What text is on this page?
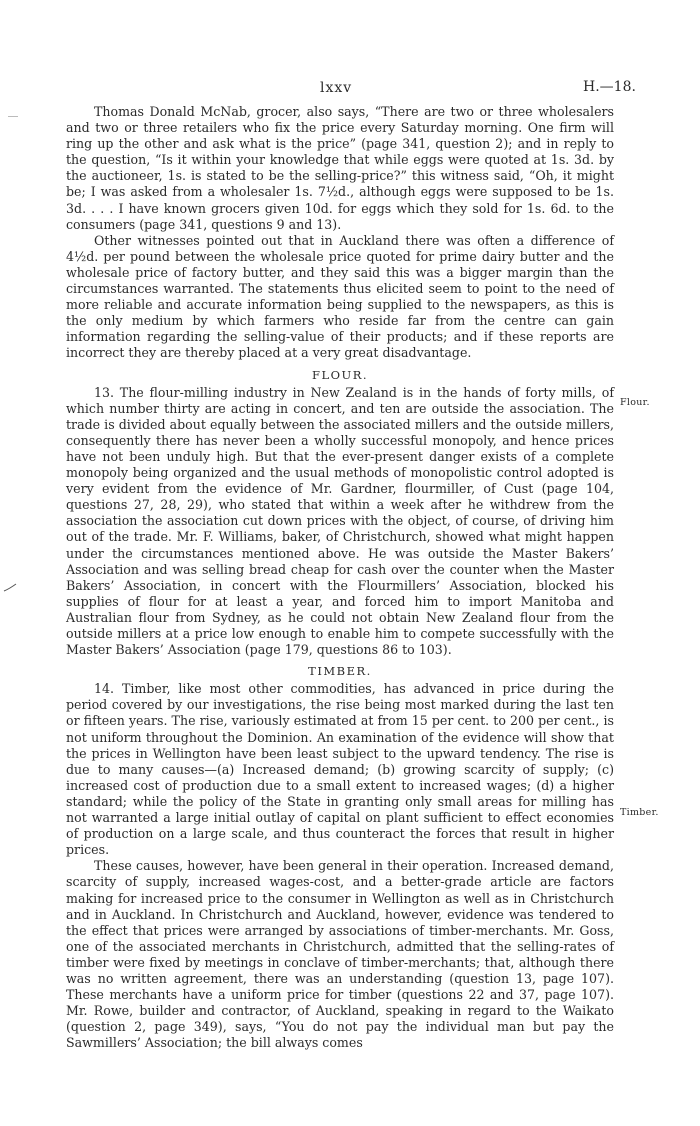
lxxv	H.—18.
Flour.
Timber.

Thomas Donald McNab, grocer, also says, “There are two or three wholesalers and two or three retailers who fix the price every Saturday morning. One firm will ring up the other and ask what is the price” (page 341, question 2); and in reply to the question, “Is it within your knowledge that while eggs were quoted at 1s. 3d. by the auctioneer, 1s. is stated to be the selling-price?” this witness said, “Oh, it might be; I was asked from a wholesaler 1s. 7½d., although eggs were supposed to be 1s. 3d. . . . I have known grocers given 10d. for eggs which they sold for 1s. 6d. to the consumers (page 341, questions 9 and 13).

Other witnesses pointed out that in Auckland there was often a difference of 4½d. per pound between the wholesale price quoted for prime dairy butter and the wholesale price of factory butter, and they said this was a bigger margin than the circumstances warranted. The statements thus elicited seem to point to the need of more reliable and accurate information being supplied to the newspapers, as this is the only medium by which farmers who reside far from the centre can gain information regarding the selling-value of their products; and if these reports are incorrect they are thereby placed at a very great disadvantage.

FLOUR.

13. The flour-milling industry in New Zealand is in the hands of forty mills, of which number thirty are acting in concert, and ten are outside the association. The trade is divided about equally between the associated millers and the outside millers, consequently there has never been a wholly successful monopoly, and hence prices have not been unduly high. But that the ever-present danger exists of a complete monopoly being organized and the usual methods of monopolistic control adopted is very evident from the evidence of Mr. Gardner, flourmiller, of Cust (page 104, questions 27, 28, 29), who stated that within a week after he withdrew from the association the association cut down prices with the object, of course, of driving him out of the trade. Mr. F. Williams, baker, of Christchurch, showed what might happen under the circumstances mentioned above. He was outside the Master Bakers’ Association and was selling bread cheap for cash over the counter when the Master Bakers’ Association, in concert with the Flourmillers’ Association, blocked his supplies of flour for at least a year, and forced him to import Manitoba and Australian flour from Sydney, as he could not obtain New Zealand flour from the outside millers at a price low enough to enable him to compete successfully with the Master Bakers’ Association (page 179, questions 86 to 103).

TIMBER.

14. Timber, like most other commodities, has advanced in price during the period covered by our investigations, the rise being most marked during the last ten or fifteen years. The rise, variously estimated at from 15 per cent. to 200 per cent., is not uniform throughout the Dominion. An examination of the evidence will show that the prices in Wellington have been least subject to the upward tendency. The rise is due to many causes—(a) Increased demand; (b) growing scarcity of supply; (c) increased cost of production due to a small extent to increased wages; (d) a higher standard; while the policy of the State in granting only small areas for milling has not warranted a large initial outlay of capital on plant sufficient to effect economies of production on a large scale, and thus counteract the forces that result in higher prices.

These causes, however, have been general in their operation. Increased demand, scarcity of supply, increased wages-cost, and a better-grade article are factors making for increased price to the consumer in Wellington as well as in Christchurch and in Auckland. In Christchurch and Auckland, however, evidence was tendered to the effect that prices were arranged by associations of timber-merchants. Mr. Goss, one of the associated merchants in Christchurch, admitted that the selling-rates of timber were fixed by meetings in conclave of timber-merchants; that, although there was no written agreement, there was an understanding (question 13, page 107). These merchants have a uniform price for timber (questions 22 and 37, page 107). Mr. Rowe, builder and contractor, of Auckland, speaking in regard to the Waikato (question 2, page 349), says, “You do not pay the individual man but pay the Sawmillers’ Association; the bill always comes
